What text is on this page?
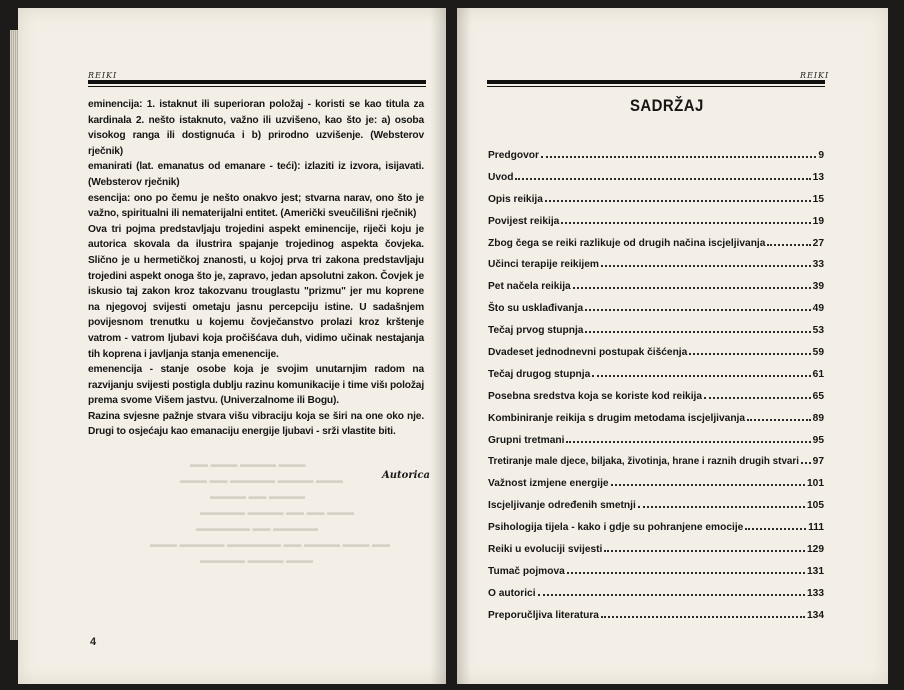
REIKI
▬▬ ▬▬▬ ▬▬▬▬ ▬▬▬
▬▬▬ ▬▬ ▬▬▬▬▬ ▬▬▬▬ ▬▬▬
▬▬▬▬ ▬▬ ▬▬▬▬
▬▬▬▬▬ ▬▬▬▬ ▬▬ ▬▬ ▬▬▬
▬▬▬▬▬▬ ▬▬ ▬▬▬▬▬
▬▬▬ ▬▬▬▬▬ ▬▬▬▬▬▬ ▬▬ ▬▬▬▬ ▬▬▬ ▬▬
▬▬▬▬▬ ▬▬▬▬ ▬▬▬

eminencija: 1. istaknut ili superioran položaj - koristi se kao titula za kardinala 2. nešto istaknuto, važno ili uzvišeno, kao što je: a) osoba visokog ranga ili dostignuća i b) prirodno uzvišenje. (Websterov rječnik)

emanirati (lat. emanatus od emanare - teći): izlaziti iz izvora, isijavati. (Websterov rječnik)

esencija: ono po čemu je nešto onakvo jest; stvarna narav, ono što je važno, spiritualni ili nematerijalni entitet. (Američki sveučilišni rječnik)

Ova tri pojma predstavljaju trojedini aspekt eminencije, riječi koju je autorica skovala da ilustrira spajanje trojedinog aspekta čovjeka. Slično je u hermetičkoj znanosti, u kojoj prva tri zakona predstavljaju trojedini aspekt onoga što je, zapravo, jedan apsolutni zakon. Čovjek je iskusio taj zakon kroz takozvanu trouglastu "prizmu" jer mu koprene na njegovoj svijesti ometaju jasnu percepciju istine. U sadašnjem povijesnom trenutku u kojemu čovječanstvo prolazi kroz krštenje vatrom - vatrom ljubavi koja pročišćava duh, vidimo učinak nestajanja tih koprena i javljanja stanja emenencije.

emenencija - stanje osobe koja je svojim unutarnjim radom na razvijanju svijesti postigla dublju razinu komunikacije i time višı položaj prema svome Višem jastvu. (Univerzalnome ili Bogu).

Razina svjesne pažnje stvara višu vibraciju koja se širi na one oko nje. Drugi to osjećaju kao emanaciju energije ljubavi - srži vlastite biti.

Autorica
4
REIKI
SADRŽAJ
Predgovor	9
Uvod	13
Opis reikija	15
Povijest reikija	19
Zbog čega se reiki razlikuje od drugih načina iscjeljivanja	27
Učinci terapije reikijem	33
Pet načela reikija	39
Što su usklađivanja	49
Tečaj prvog stupnja	53
Dvadeset jednodnevni postupak čišćenja	59
Tečaj drugog stupnja	61
Posebna sredstva koja se koriste kod reikija	65
Kombiniranje reikija s drugim metodama iscjeljivanja	89
Grupni tretmani	95
Tretiranje male djece, biljaka, životinja, hrane i raznih drugih stvari 97
Važnost izmjene energije	101
Iscjeljivanje određenih smetnji	105
Psihologija tijela - kako i gdje su pohranjene emocije	111
Reiki u evoluciji svijesti	129
Tumač pojmova	131
O autorici	133
Preporučljiva literatura	134
